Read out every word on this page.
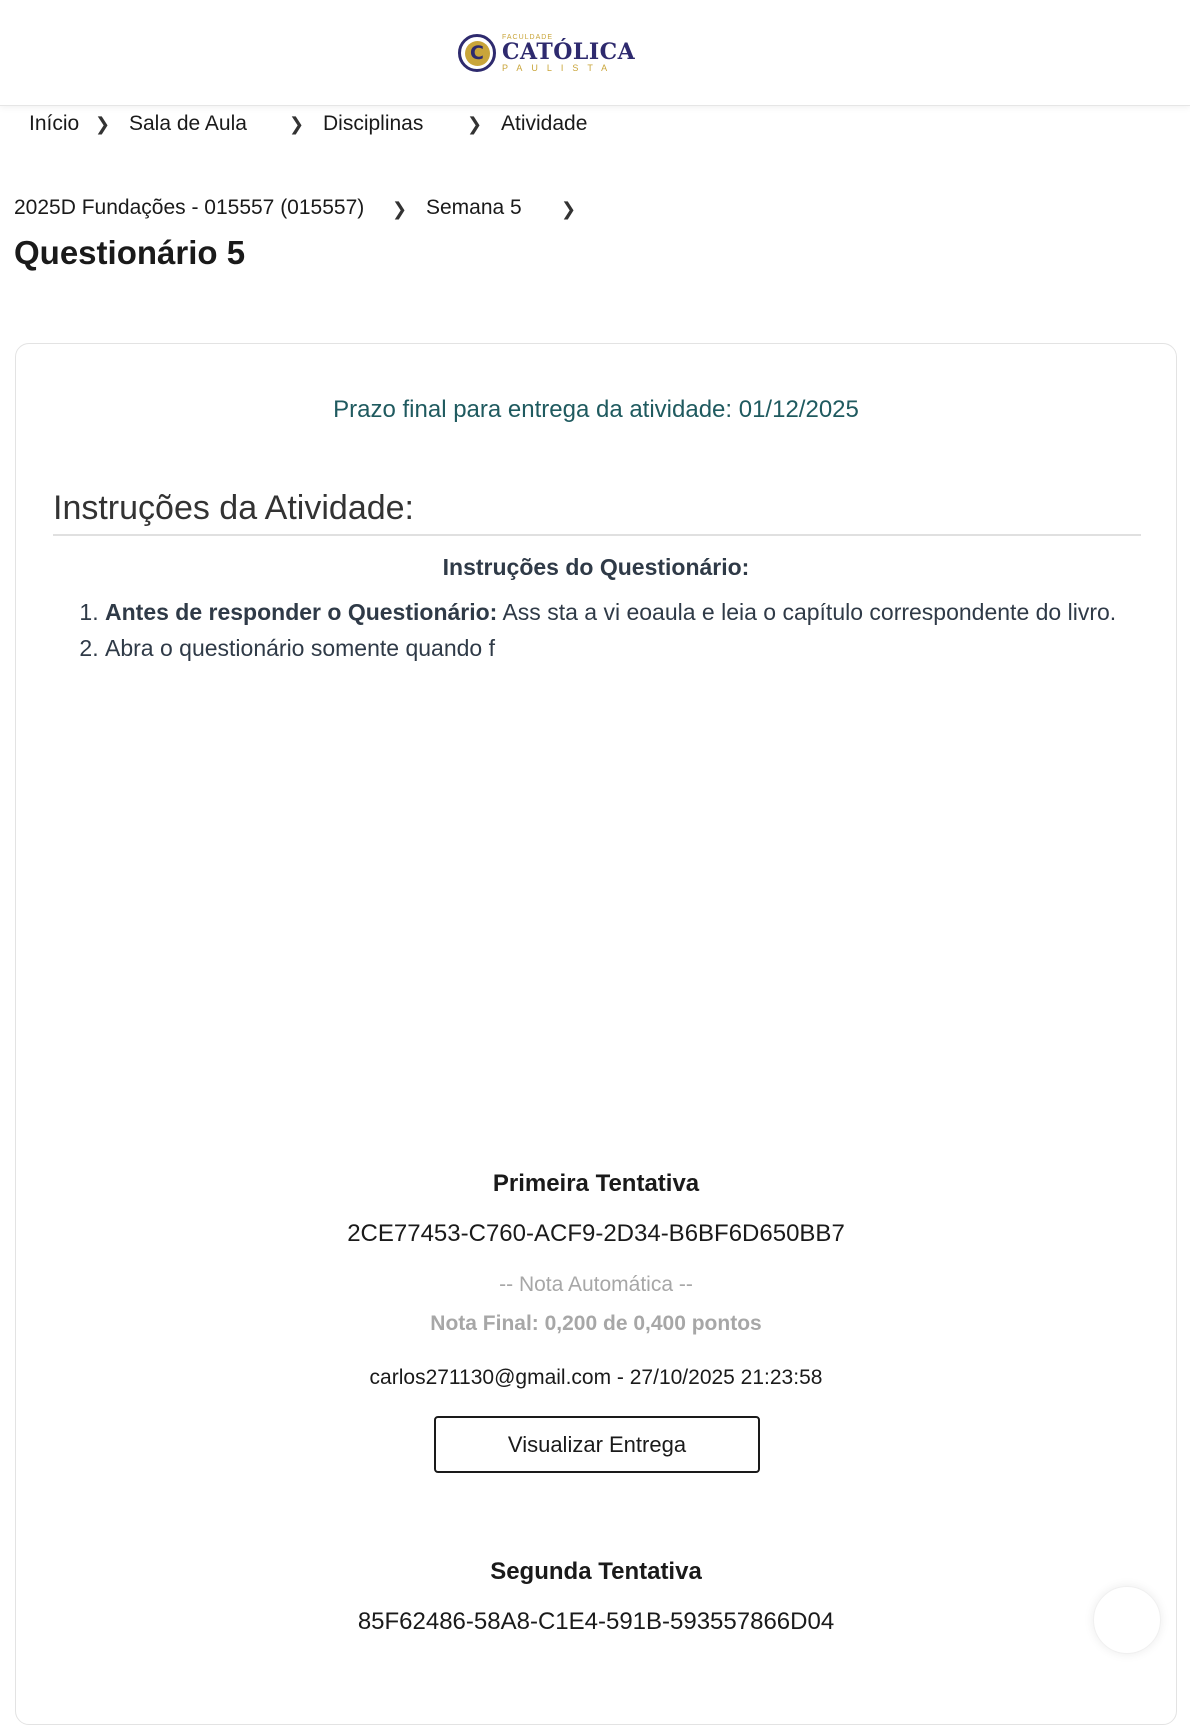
C
FACULDADE
CATÓLICA
PAULISTA
Início ❯ Sala de Aula ❯ Disciplinas ❯ Atividade
2025D Fundações - 015557 (015557) ❯ Semana 5 ❯
Questionário 5
Prazo final para entrega da atividade: 01/12/2025
Instruções da Atividade:
Instruções do Questionário:
1. Antes de responder o Questionário: Ass sta a vi eoaula e leia o capítulo correspondente do livro.
2. Abra o questionário somente quando f
Primeira Tentativa
2CE77453-C760-ACF9-2D34-B6BF6D650BB7
-- Nota Automática --
Nota Final: 0,200 de 0,400 pontos
carlos271130@gmail.com - 27/10/2025 21:23:58
Visualizar Entrega
Segunda Tentativa
85F62486-58A8-C1E4-591B-593557866D04
